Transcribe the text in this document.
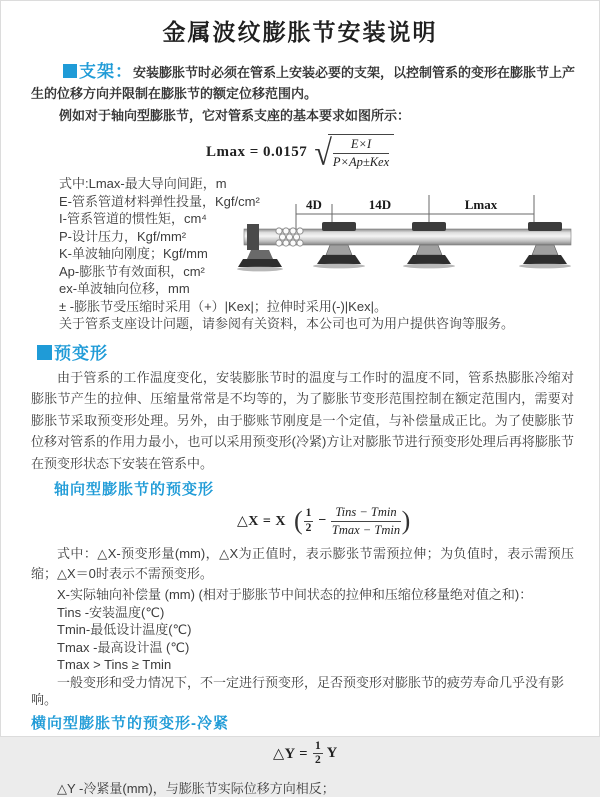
金属波纹膨胀节安装说明

支架：安装膨胀节时必须在管系上安装必要的支架，以控制管系的变形在膨胀节上产生的位移方向并限制在膨胀节的额定位移范围内。

例如对于轴向型膨胀节，它对管系支座的基本要求如图所示：

Lmax = 0.0157 √ $\frac{E\times I}{\text{P×Ap±Kex}}$

式中:Lmax-最大导向间距，m

E-管系管道材料弹性投量，Kgf/cm²

I-管系管道的惯性矩，cm⁴

P-设计压力，Kgf/mm²

K-单波轴向刚度；Kgf/mm

Ap-膨胀节有效面积，cm²

ex-单波轴向位移，mm

± -膨胀节受压缩时采用（+）|Kex|；拉伸时采用(-)|Kex|。

关于管系支座设计问题，请参阅有关资料，本公司也可为用户提供咨询等服务。

4D	14D	Lmax
预变形

由于管系的工作温度变化，安装膨胀节时的温度与工作时的温度不同，管系热膨胀冷缩对膨胀节产生的拉伸、压缩量常常是不均等的，为了膨胀节变形范围控制在额定范围内，需要对膨胀节采取预变形处理。另外，由于膨账节刚度是一个定值，与补偿量成正比。为了使膨胀节位移对管系的作用力最小，也可以采用预变形(冷紧)方让对膨胀节进行预变形处理后再将膨胀节在预变形状态下安装在管系中。

轴向型膨胀节的预变形
△X = X ( $\frac{1}{2} - \frac{\text{Tins − Tmin}}{Tmax - Tmin}$ )

式中：△X-预变形量(mm)，△X为正值时，表示膨张节需预拉伸；为负值时，表示需预压缩；△X＝0时表示不需预变形。

X-实际轴向补偿量 (mm) (相对于膨胀节中间状态的拉伸和压缩位移量绝对值之和)：

Tins -安装温度(℃)

Tmin-最低设计温度(℃)

Tmax -最高设计温 (℃)

Tmax > Tins ≥ Tmin

一般变形和受力情况下，不一定进行预变形，足否预变形对膨胀节的疲劳寿命几乎没有影响。

横向型膨胀节的预变形-冷紧
△Y = $\frac{1}{2}$ Y

△Y -冷紧量(mm)，与膨胀节实际位移方向相反；
